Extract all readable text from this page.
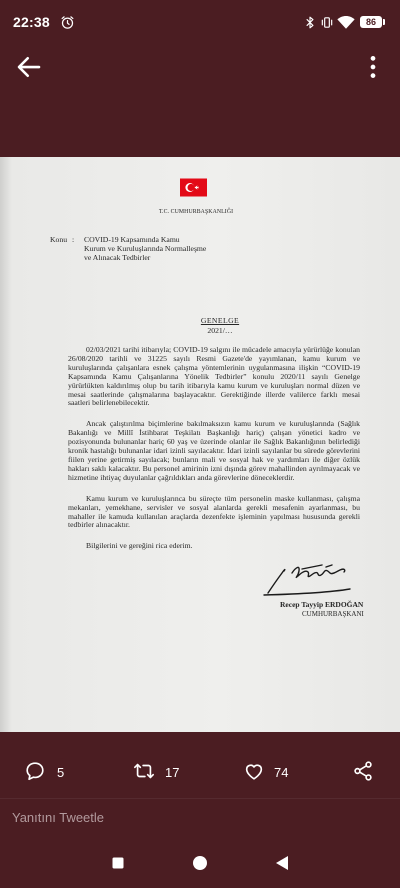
22:38	86
T.C. CUMHURBAŞKANLIĞI
Konu : COVID-19 Kapsamında Kamu
Kurum ve Kuruluşlarında Normalleşme
ve Alınacak Tedbirler
GENELGE
2021/…

02/03/2021 tarihi itibarıyla; COVID-19 salgını ile mücadele amacıyla yürürlüğe konulan 26/08/2020 tarihli ve 31225 sayılı Resmi Gazete'de yayımlanan, kamu kurum ve kuruluşlarında çalışanlara esnek çalışma yöntemlerinin uygulanmasına ilişkin “COVID-19 Kapsamında Kamu Çalışanlarına Yönelik Tedbirler” konulu 2020/11 sayılı Genelge yürürlükten kaldırılmış olup bu tarih itibarıyla kamu kurum ve kuruluşları normal düzen ve mesai saatlerinde çalışmalarına başlayacaktır. Gerektiğinde illerde valilerce farklı mesai saatleri belirlenebilecektir.

Ancak çalıştırılma biçimlerine bakılmaksızın kamu kurum ve kuruluşlarında (Sağlık Bakanlığı ve Millî İstihbarat Teşkilatı Başkanlığı hariç) çalışan yönetici kadro ve pozisyonunda bulunanlar hariç 60 yaş ve üzerinde olanlar ile Sağlık Bakanlığının belirlediği kronik hastalığı bulunanlar idari izinli sayılacaktır. İdari izinli sayılanlar bu sürede görevlerini fiilen yerine getirmiş sayılacak; bunların mali ve sosyal hak ve yardımları ile diğer özlük hakları saklı kalacaktır. Bu personel amirinin izni dışında görev mahallinden ayrılmayacak ve hizmetine ihtiyaç duyulanlar çağrıldıkları anda görevlerine döneceklerdir.

Kamu kurum ve kuruluşlarınca bu süreçte tüm personelin maske kullanması, çalışma mekanları, yemekhane, servisler ve sosyal alanlarda gerekli mesafenin ayarlanması, bu mahaller ile kamuda kullanılan araçlarda dezenfekte işleminin yapılması hususunda gerekli tedbirler alınacaktır.

Bilgilerini ve gereğini rica ederim.

Recep Tayyip ERDOĞAN
CUMHURBAŞKANI
5	17	74
Yanıtını Tweetle
